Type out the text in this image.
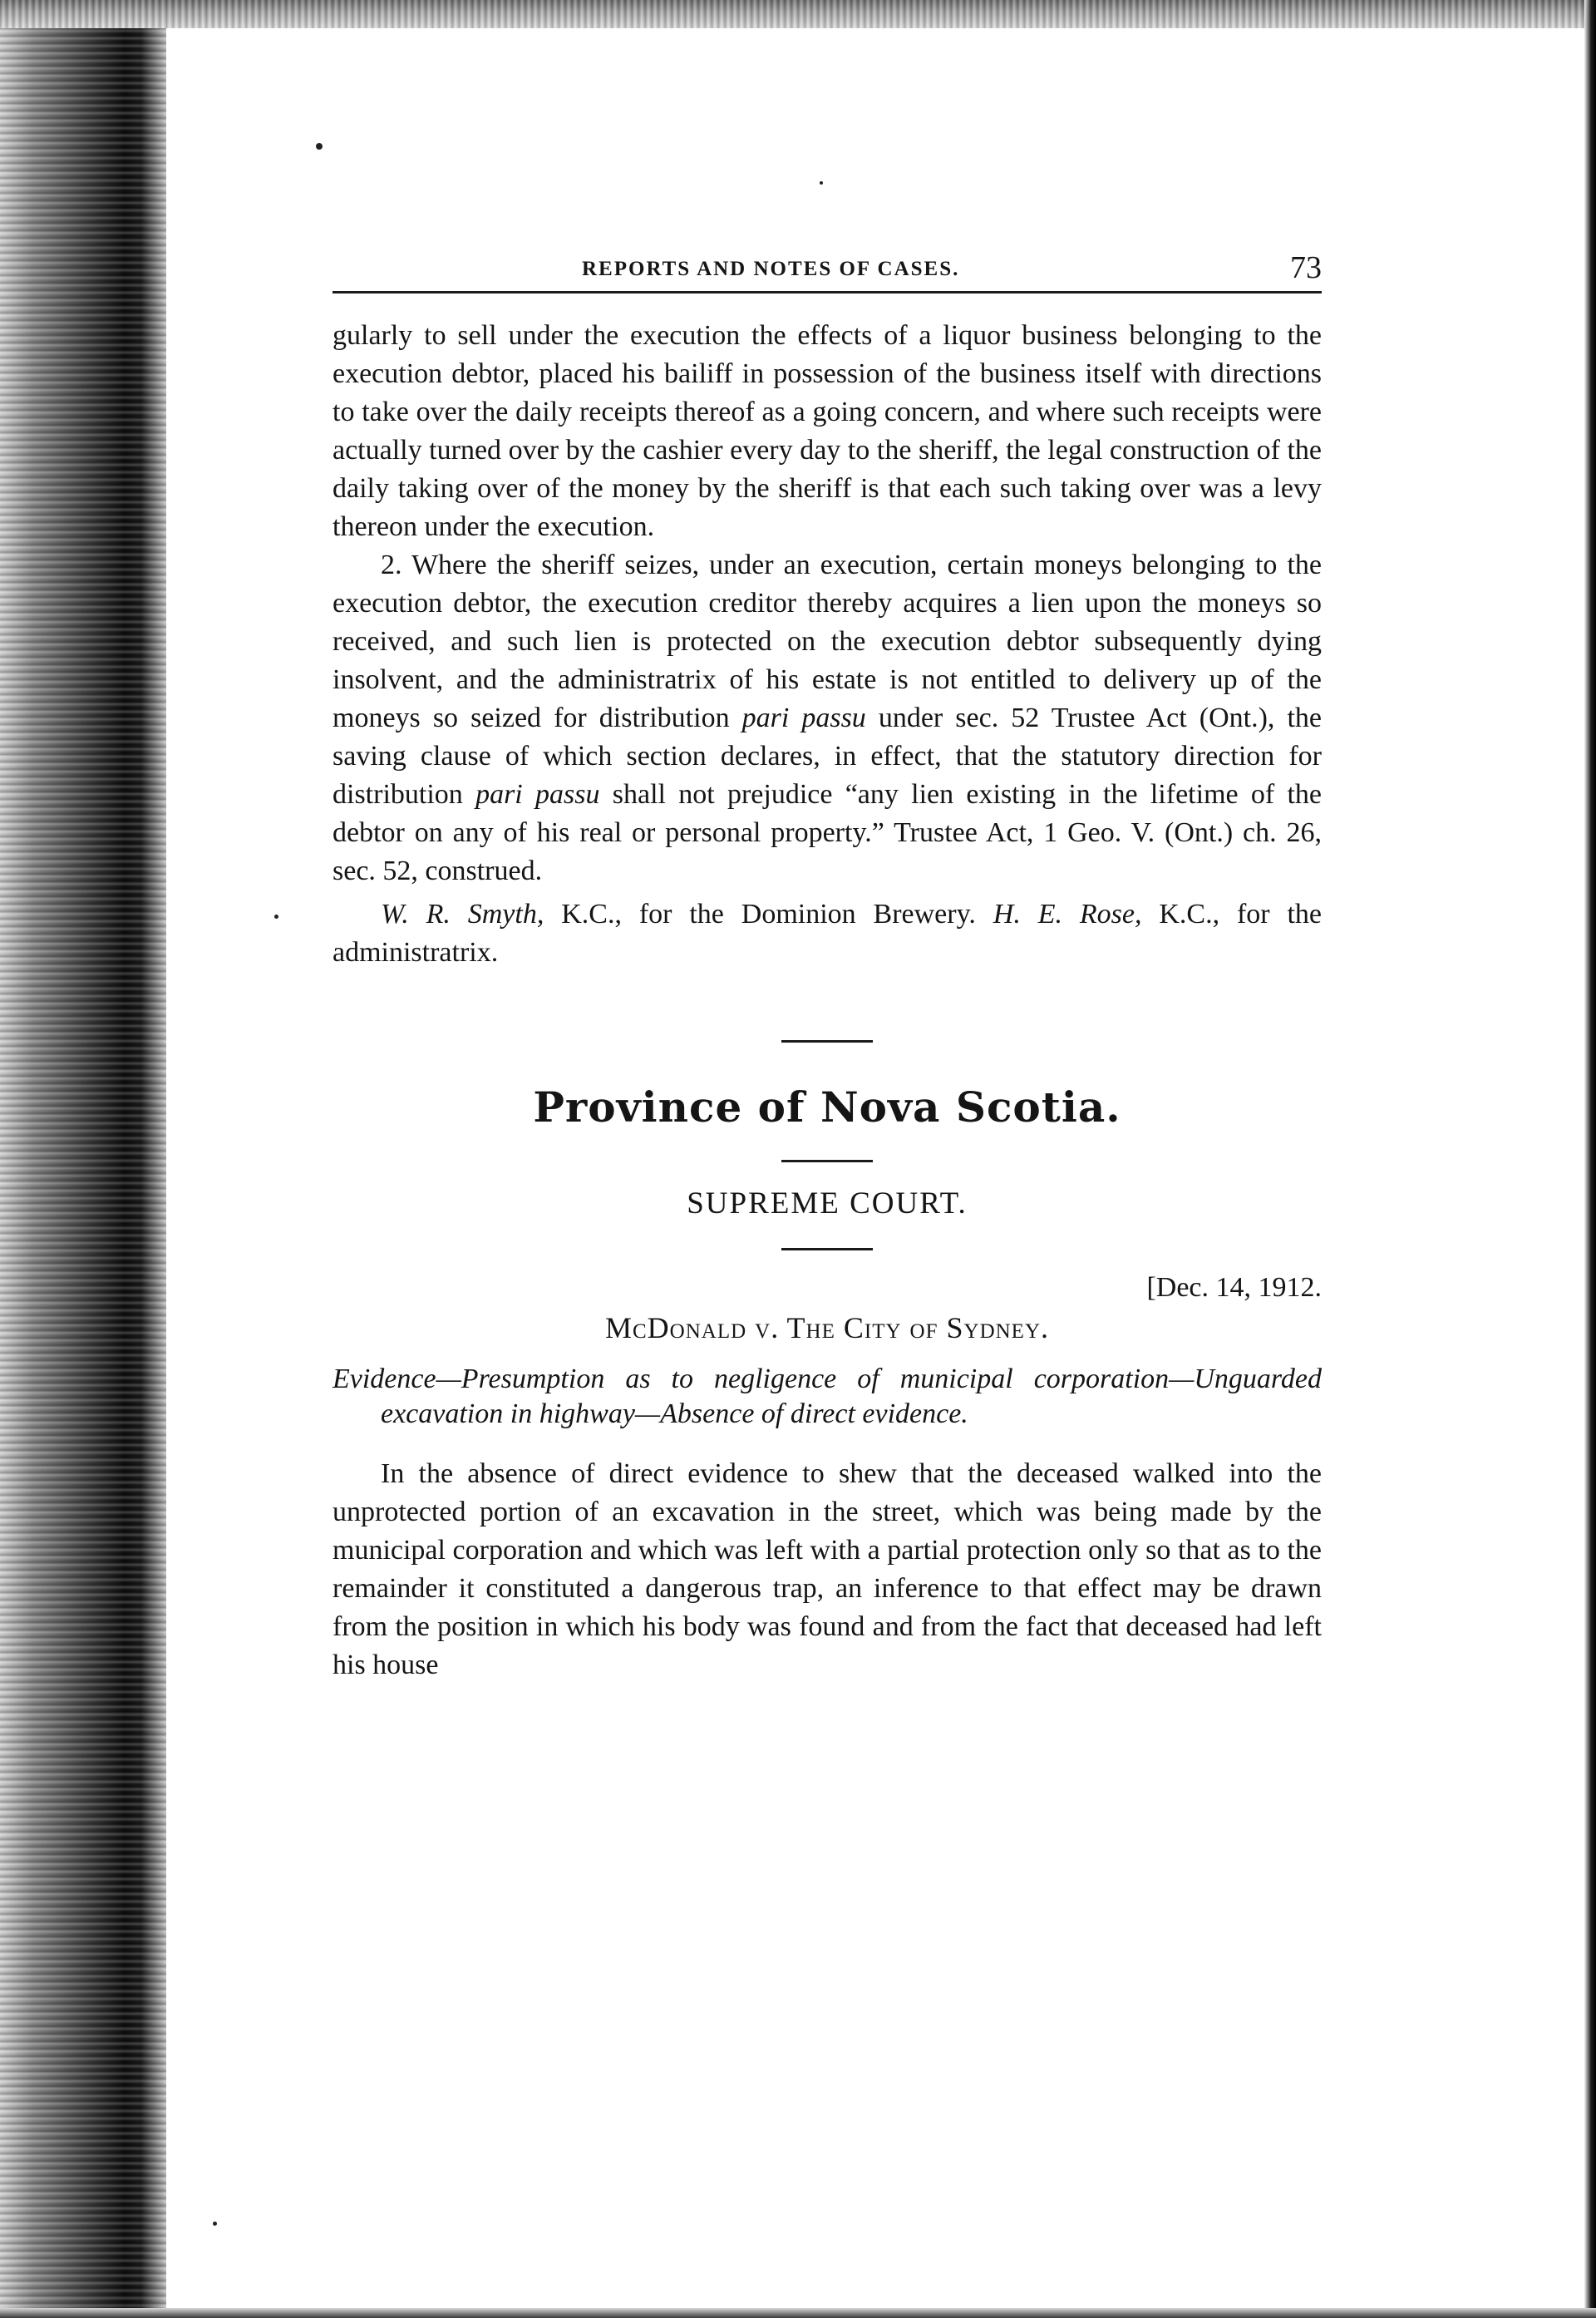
REPORTS AND NOTES OF CASES.	73

gularly to sell under the execution the effects of a liquor business belonging to the execution debtor, placed his bailiff in possession of the business itself with directions to take over the daily receipts thereof as a going concern, and where such receipts were actually turned over by the cashier every day to the sheriff, the legal construction of the daily taking over of the money by the sheriff is that each such taking over was a levy thereon under the execution.

2. Where the sheriff seizes, under an execution, certain moneys belonging to the execution debtor, the execution creditor thereby acquires a lien upon the moneys so received, and such lien is protected on the execution debtor subsequently dying insolvent, and the administratrix of his estate is not entitled to delivery up of the moneys so seized for distribution pari passu under sec. 52 Trustee Act (Ont.), the saving clause of which section declares, in effect, that the statutory direction for distribution pari passu shall not prejudice “any lien existing in the lifetime of the debtor on any of his real or personal property.” Trustee Act, 1 Geo. V. (Ont.) ch. 26, sec. 52, construed.

W. R. Smyth, K.C., for the Dominion Brewery. H. E. Rose, K.C., for the administratrix.

Province of Nova Scotia.
SUPREME COURT.
[Dec. 14, 1912.
McDonald v. The City of Sydney.

Evidence—Presumption as to negligence of municipal corporation—Unguarded excavation in highway—Absence of direct evidence.

In the absence of direct evidence to shew that the deceased walked into the unprotected portion of an excavation in the street, which was being made by the municipal corporation and which was left with a partial protection only so that as to the remainder it constituted a dangerous trap, an inference to that effect may be drawn from the position in which his body was found and from the fact that deceased had left his house
